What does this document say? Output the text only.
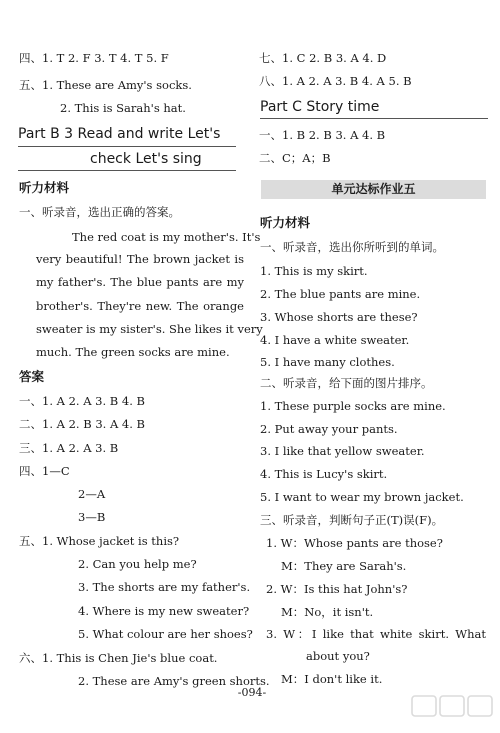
四、1. T 2. F 3. T 4. T 5. F
五、1. These are Amy's socks.
2. This is Sarah's hat.
Part B 3 Read and write Let's
check Let's sing
听力材料
一、听录音，选出正确的答案。
The red coat is my mother's. It's
very beautiful! The brown jacket is
my father's. The blue pants are my
brother's. They're new. The orange
sweater is my sister's. She likes it very
much. The green socks are mine.
答案
一、1. A 2. A 3. B 4. B
二、1. A 2. B 3. A 4. B
三、1. A 2. A 3. B
四、1—C
2—A
3—B
五、1. Whose jacket is this?
2. Can you help me?
3. The shorts are my father's.
4. Where is my new sweater?
5. What colour are her shoes?
六、1. This is Chen Jie's blue coat.
2. These are Amy's green shorts.
七、1. C 2. B 3. A 4. D
八、1. A 2. A 3. B 4. A 5. B
Part C Story time
一、1. B 2. B 3. A 4. B
二、C；A；B
单元达标作业五
听力材料
一、听录音，选出你所听到的单词。
1. This is my skirt.
2. The blue pants are mine.
3. Whose shorts are these?
4. I have a white sweater.
5. I have many clothes.
二、听录音，给下面的图片排序。
1. These purple socks are mine.
2. Put away your pants.
3. I like that yellow sweater.
4. This is Lucy's skirt.
5. I want to wear my brown jacket.
三、听录音，判断句子正(T)误(F)。
1. W：Whose pants are those?
M：They are Sarah's.
2. W：Is this hat John's?
M：No，it isn't.
3. W：I like that white skirt. What
about you?
M：I don't like it.
-094-
